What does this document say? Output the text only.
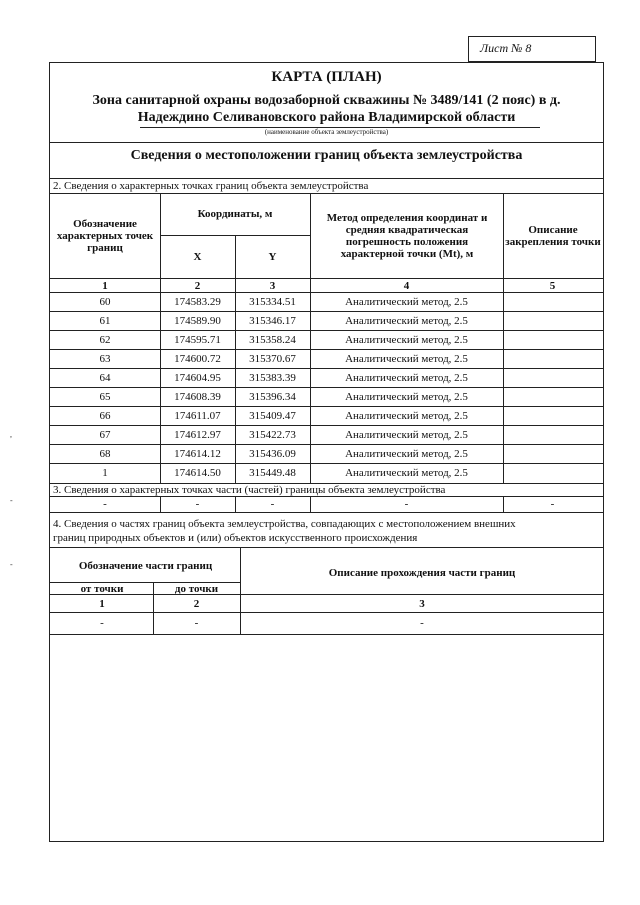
Лист № 8
КАРТА (ПЛАН)
Зона санитарной охраны водозаборной скважины № 3489/141 (2 пояс) в д.
Надеждино Селивановского района Владимирской области
(наименование объекта землеустройства)
Сведения о местоположении границ объекта землеустройства
2. Сведения о характерных точках границ объекта землеустройства
Обозначение характерных точек границ
Координаты, м
X	Y
Метод определения координат и средняя квадратическая погрешность положения характерной точки (Mt), м
Описание закрепления точки
1	2	3	4	5
60	174583.29	315334.51	Аналитический метод, 2.5
61	174589.90	315346.17	Аналитический метод, 2.5
62	174595.71	315358.24	Аналитический метод, 2.5
63	174600.72	315370.67	Аналитический метод, 2.5
64	174604.95	315383.39	Аналитический метод, 2.5
65	174608.39	315396.34	Аналитический метод, 2.5
66	174611.07	315409.47	Аналитический метод, 2.5
67	174612.97	315422.73	Аналитический метод, 2.5
68	174614.12	315436.09	Аналитический метод, 2.5
1	174614.50	315449.48	Аналитический метод, 2.5
3. Сведения о характерных точках части (частей) границы объекта землеустройства
-	-	-	-	-
4. Сведения о частях границ объекта землеустройства, совпадающих с местоположением внешних
границ природных объектов и (или) объектов искусственного происхождения
Обозначение части границ
от точки	до точки
Описание прохождения части границ
1	2	3
-	-	-
,
-
-
